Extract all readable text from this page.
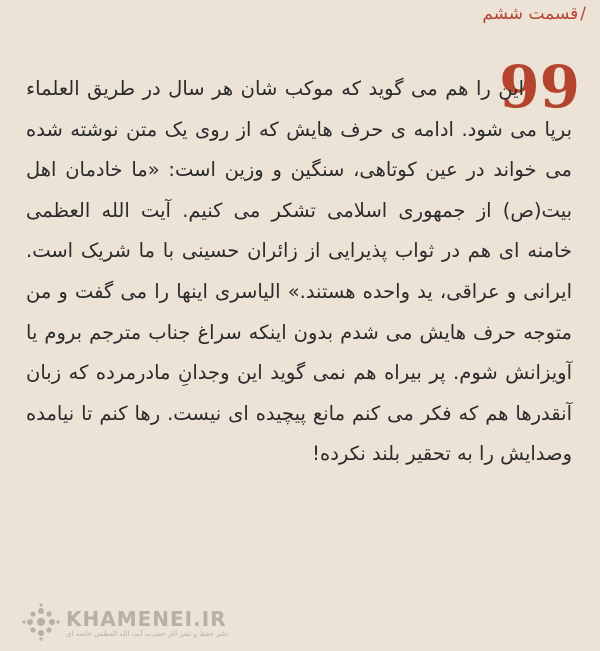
/قسمت ششم
99
این را هم می گوید که موکب شان هر سال در طریق العلماء برپا می شود. ادامه ی حرف هایش که از روی یک متن نوشته شده می خواند در عین کوتاهی، سنگین و وزین است: «ما خادمان اهل بیت(ص) از جمهوری اسلامی تشکر می کنیم. آیت الله العظمی خامنه ای هم در ثواب پذیرایی از زائران حسینی با ما شریک است. ایرانی و عراقی، ید واحده هستند.» الیاسری اینها را می گفت و من متوجه حرف هایش می شدم بدون اینکه سراغ جناب مترجم بروم یا آویزانش شوم. پر بیراه هم نمی گوید این وجدانِ مادرمرده که زبان آنقدرها هم که فکر می کنم مانع پیچیده ای نیست. رها کنم تا نیامده وصدایش را به تحقیر بلند نکرده!
KHAMENEI.IR
دفتر حفظ و نشر آثار حضرت آیت الله العظمی خامنه ای
